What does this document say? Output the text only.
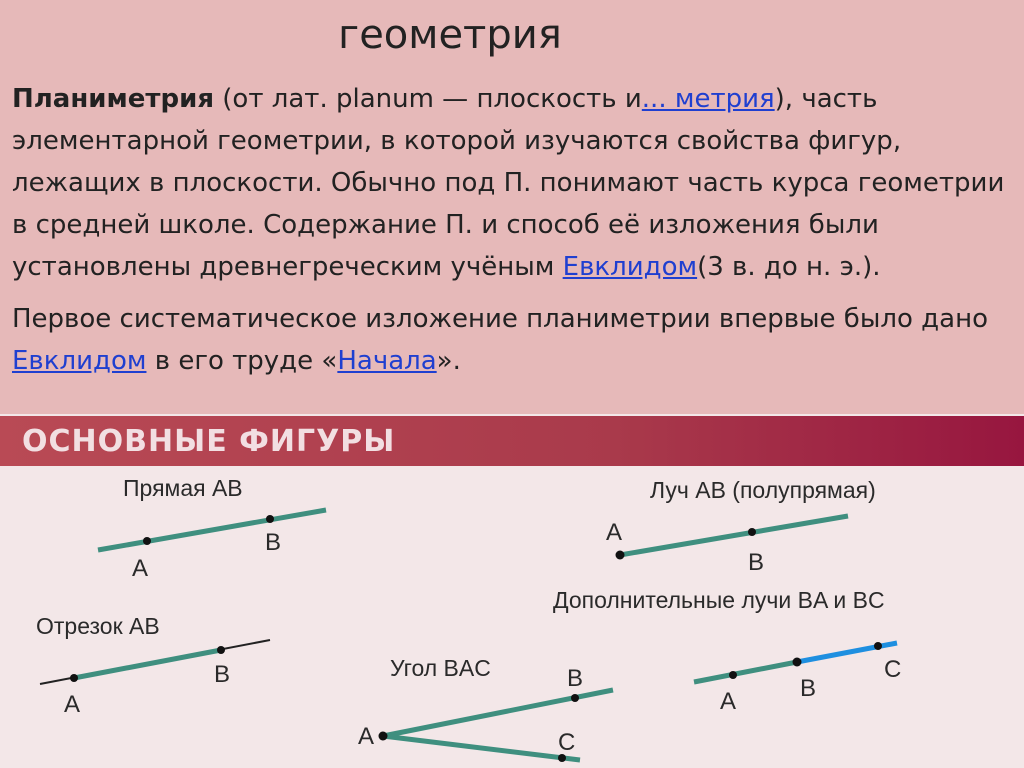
геометрия

Планиметрия (от лат. planum — плоскость и... метрия), часть элементарной геометрии, в которой изучаются свойства фигур, лежащих в плоскости. Обычно под П. понимают часть курса геометрии в средней школе. Содержание П. и способ её изложения были установлены древнегреческим учёным Евклидом(3 в. до н. э.).

Первое систематическое изложение планиметрии впервые было дано Евклидом в его труде «Начала».

ОСНОВНЫЕ ФИГУРЫ
Прямая AB
A
B
Луч AB (полупрямая)
A
B
Дополнительные лучи BA и BC
A	B
C
Отрезок AB
A
B	Угол BAC
A
B
C
